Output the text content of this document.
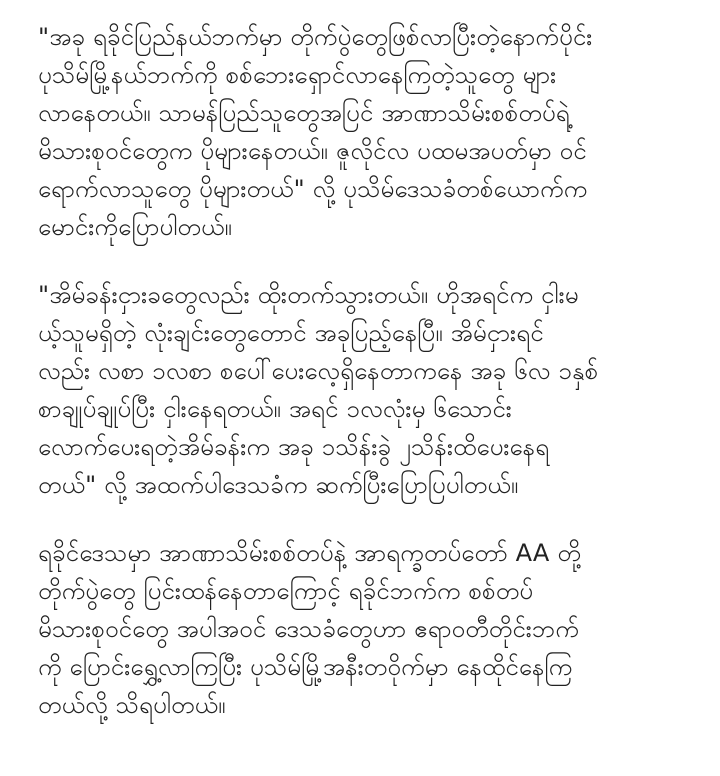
"အခု ရခိုင်ပြည်နယ်ဘက်မှာ တိုက်ပွဲတွေဖြစ်လာပြီးတဲ့နောက်ပိုင်း
ပုသိမ်မြို့နယ်ဘက်ကို စစ်ဘေးရှောင်လာနေကြတဲ့သူတွေ များ
လာနေတယ်။ သာမန်ပြည်သူတွေအပြင် အာဏာသိမ်းစစ်တပ်ရဲ့
မိသားစုဝင်တွေက ပိုများနေတယ်။ ဇူလိုင်လ ပထမအပတ်မှာ ဝင်
ရောက်လာသူတွေ ပိုများတယ်" လို့ ပုသိမ်ဒေသခံတစ်ယောက်က
မောင်းကိုပြောပါတယ်။
"အိမ်ခန်းငှားခတွေလည်း ထိုးတက်သွားတယ်။ ဟိုအရင်က ငှါးမ
ယ့်သူမရှိတဲ့ လုံးချင်းတွေတောင် အခုပြည့်နေပြီ။ အိမ်ငှားရင်
လည်း လစာ ၁လစာ စပေါ်ပေးလေ့ရှိနေတာကနေ အခု ၆လ ၁နှစ်
စာချုပ်ချုပ်ပြီး ငှါးနေရတယ်။ အရင် ၁လလုံးမှ ၆သောင်း
လောက်ပေးရတဲ့အိမ်ခန်းက အခု ၁သိန်းခွဲ ၂သိန်းထိပေးနေရ
တယ်" လို့ အထက်ပါဒေသခံက ဆက်ပြီးပြောပြပါတယ်။
ရခိုင်ဒေသမှာ အာဏာသိမ်းစစ်တပ်နဲ့ အာရက္ခတပ်တော် AA တို့
တိုက်ပွဲတွေ ပြင်းထန်နေတာကြောင့် ရခိုင်ဘက်က စစ်တပ်
မိသားစုဝင်တွေ အပါအဝင် ဒေသခံတွေဟာ ဧရာဝတီတိုင်းဘက်
ကို ပြောင်းရွှေ့လာကြပြီး ပုသိမ်မြို့အနီးတဝိုက်မှာ နေထိုင်နေကြ
တယ်လို့ သိရပါတယ်။
